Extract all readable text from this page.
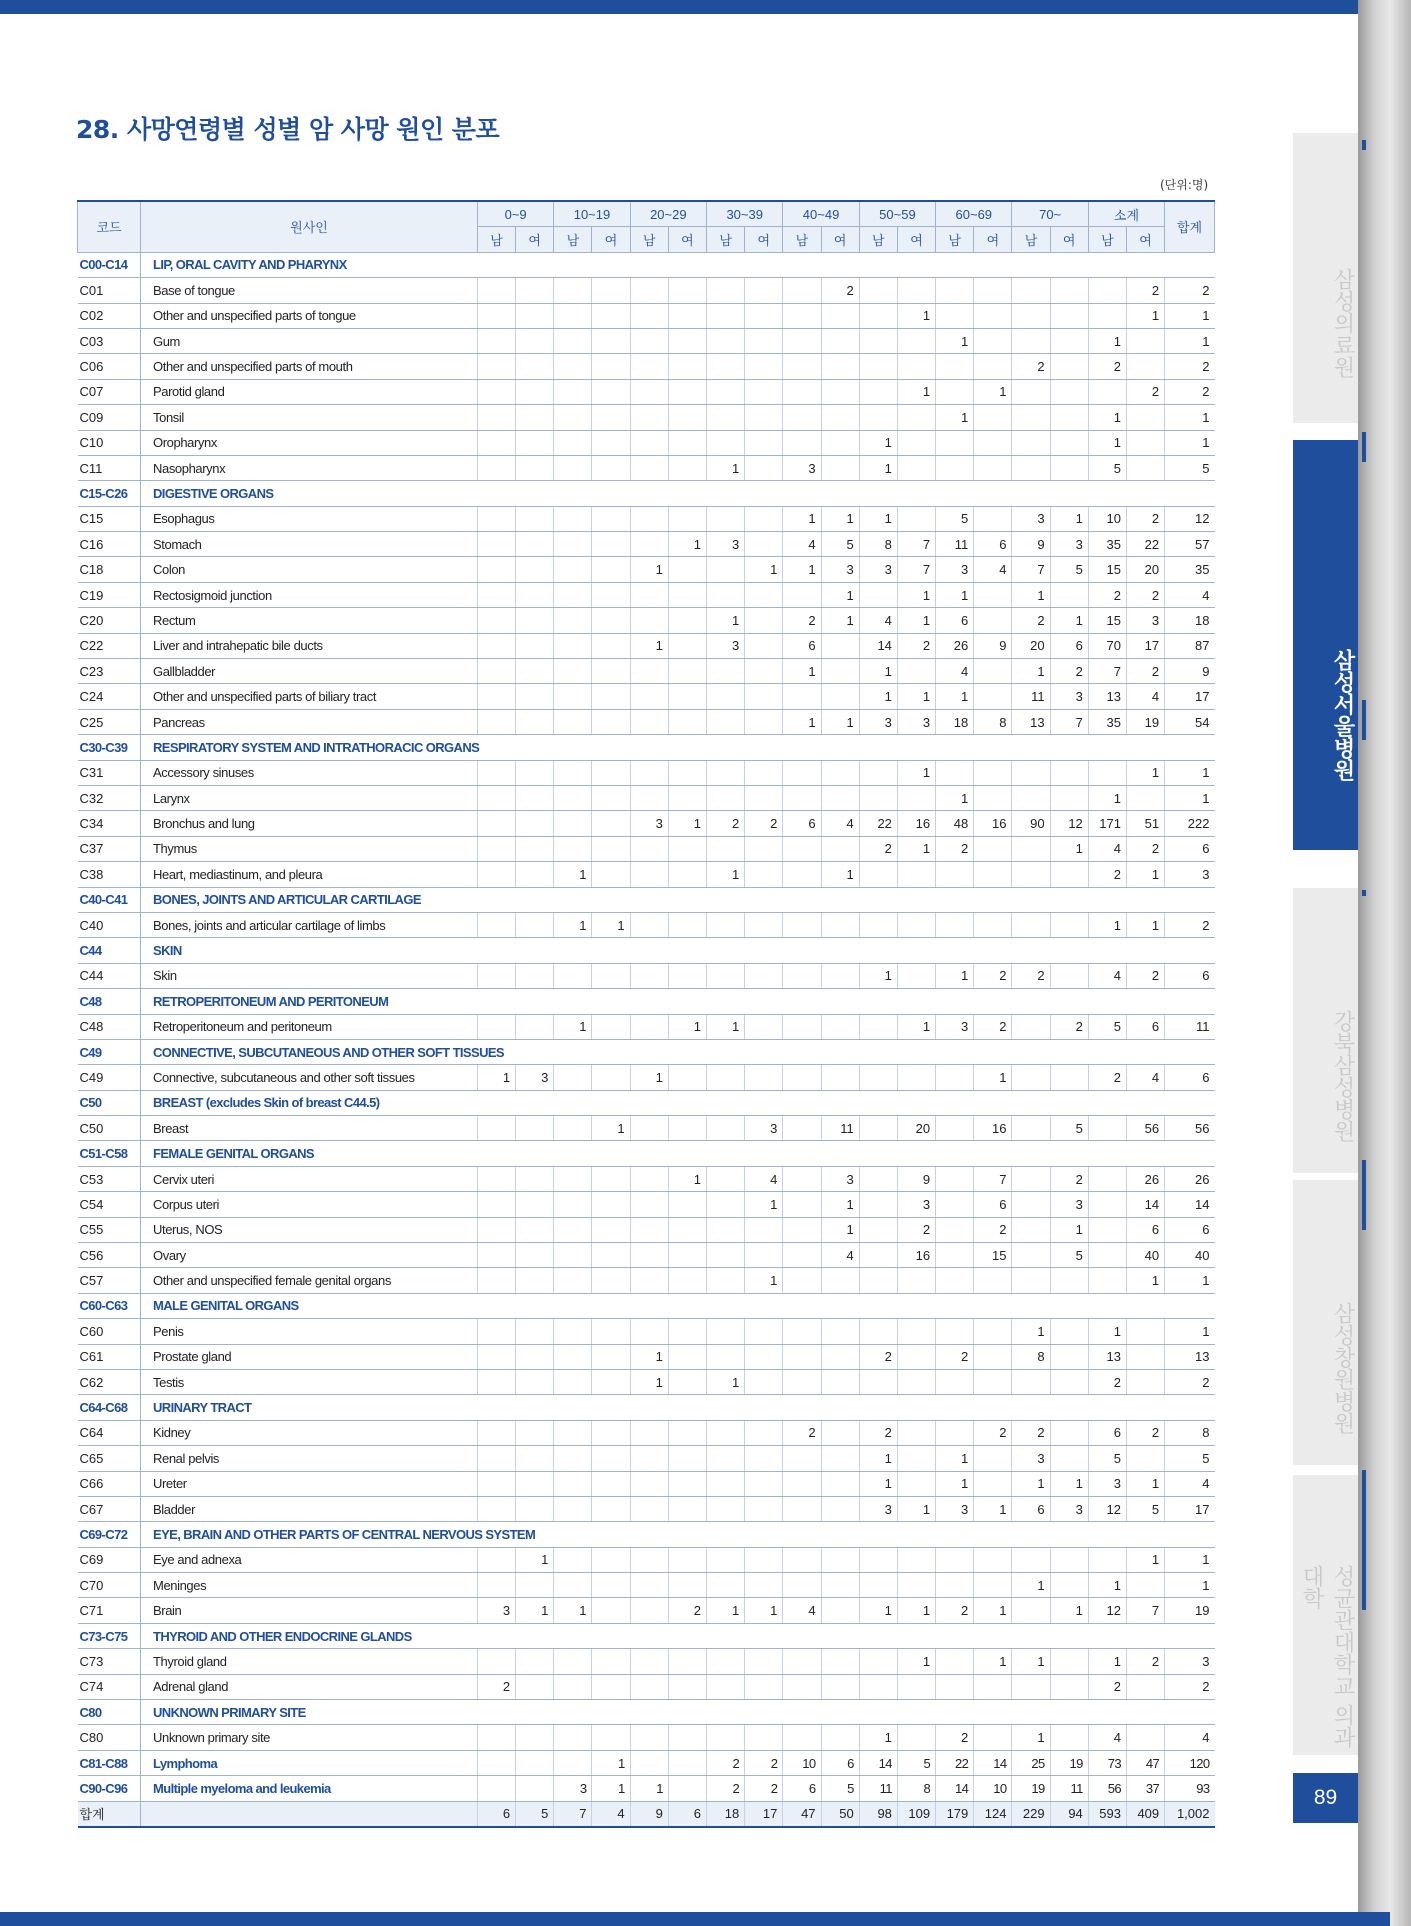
28. 사망연령별 성별 암 사망 원인 분포
(단위:명)
코드	원사인	0~9		10~19		20~29		30~39		40~49		50~59		60~69		70~		소계		합계
		남	여	남	여	남	여	남	여	남	여	남	여	남	여	남	여	남	여	
C00-C14	LIP, ORAL CAVITY AND PHARYNX																			
C01	Base of tongue										2								2	2
C02	Other and unspecified parts of tongue												1						1	1
C03	Gum													1				1		1
C06	Other and unspecified parts of mouth															2		2		2
C07	Parotid gland												1		1				2	2
C09	Tonsil													1				1		1
C10	Oropharynx											1						1		1
C11	Nasopharynx							1		3		1						5		5
C15-C26	DIGESTIVE ORGANS																			
C15	Esophagus									1	1	1		5		3	1	10	2	12
C16	Stomach						1	3		4	5	8	7	11	6	9	3	35	22	57
C18	Colon					1			1	1	3	3	7	3	4	7	5	15	20	35
C19	Rectosigmoid junction										1		1	1		1		2	2	4
C20	Rectum							1		2	1	4	1	6		2	1	15	3	18
C22	Liver and intrahepatic bile ducts					1		3		6		14	2	26	9	20	6	70	17	87
C23	Gallbladder									1		1		4		1	2	7	2	9
C24	Other and unspecified parts of biliary tract											1	1	1		11	3	13	4	17
C25	Pancreas									1	1	3	3	18	8	13	7	35	19	54
C30-C39	RESPIRATORY SYSTEM AND INTRATHORACIC ORGANS																			
C31	Accessory sinuses												1						1	1
C32	Larynx													1				1		1
C34	Bronchus and lung					3	1	2	2	6	4	22	16	48	16	90	12	171	51	222
C37	Thymus											2	1	2			1	4	2	6
C38	Heart, mediastinum, and pleura			1				1			1							2	1	3
C40-C41	BONES, JOINTS AND ARTICULAR CARTILAGE																			
C40	Bones, joints and articular cartilage of limbs			1	1													1	1	2
C44	SKIN																			
C44	Skin											1		1	2	2		4	2	6
C48	RETROPERITONEUM AND PERITONEUM																			
C48	Retroperitoneum and peritoneum			1			1	1					1	3	2		2	5	6	11
C49	CONNECTIVE, SUBCUTANEOUS AND OTHER SOFT TISSUES																			
C49	Connective, subcutaneous and other soft tissues	1	3			1									1			2	4	6
C50	BREAST (excludes Skin of breast C44.5)																			
C50	Breast				1				3		11		20		16		5		56	56
C51-C58	FEMALE GENITAL ORGANS																			
C53	Cervix uteri						1		4		3		9		7		2		26	26
C54	Corpus uteri								1		1		3		6		3		14	14
C55	Uterus, NOS										1		2		2		1		6	6
C56	Ovary										4		16		15		5		40	40
C57	Other and unspecified female genital organs								1										1	1
C60-C63	MALE GENITAL ORGANS																			
C60	Penis															1		1		1
C61	Prostate gland					1						2		2		8		13		13
C62	Testis					1		1										2		2
C64-C68	URINARY TRACT																			
C64	Kidney									2		2			2	2		6	2	8
C65	Renal pelvis											1		1		3		5		5
C66	Ureter											1		1		1	1	3	1	4
C67	Bladder											3	1	3	1	6	3	12	5	17
C69-C72	EYE, BRAIN AND OTHER PARTS OF CENTRAL NERVOUS SYSTEM																			
C69	Eye and adnexa		1																1	1
C70	Meninges															1		1		1
C71	Brain	3	1	1			2	1	1	4		1	1	2	1		1	12	7	19
C73-C75	THYROID AND OTHER ENDOCRINE GLANDS																			
C73	Thyroid gland												1		1	1		1	2	3
C74	Adrenal gland	2																2		2
C80	UNKNOWN PRIMARY SITE																			
C80	Unknown primary site											1		2		1		4		4
C81-C88	Lymphoma				1			2	2	10	6	14	5	22	14	25	19	73	47	120
C90-C96	Multiple myeloma and leukemia			3	1	1		2	2	6	5	11	8	14	10	19	11	56	37	93
합계		6	5	7	4	9	6	18	17	47	50	98	109	179	124	229	94	593	409	1,002
삼성의료원
삼성서울병원
강북삼성병원
삼성창원병원
성균관대학교 의과대학
89
